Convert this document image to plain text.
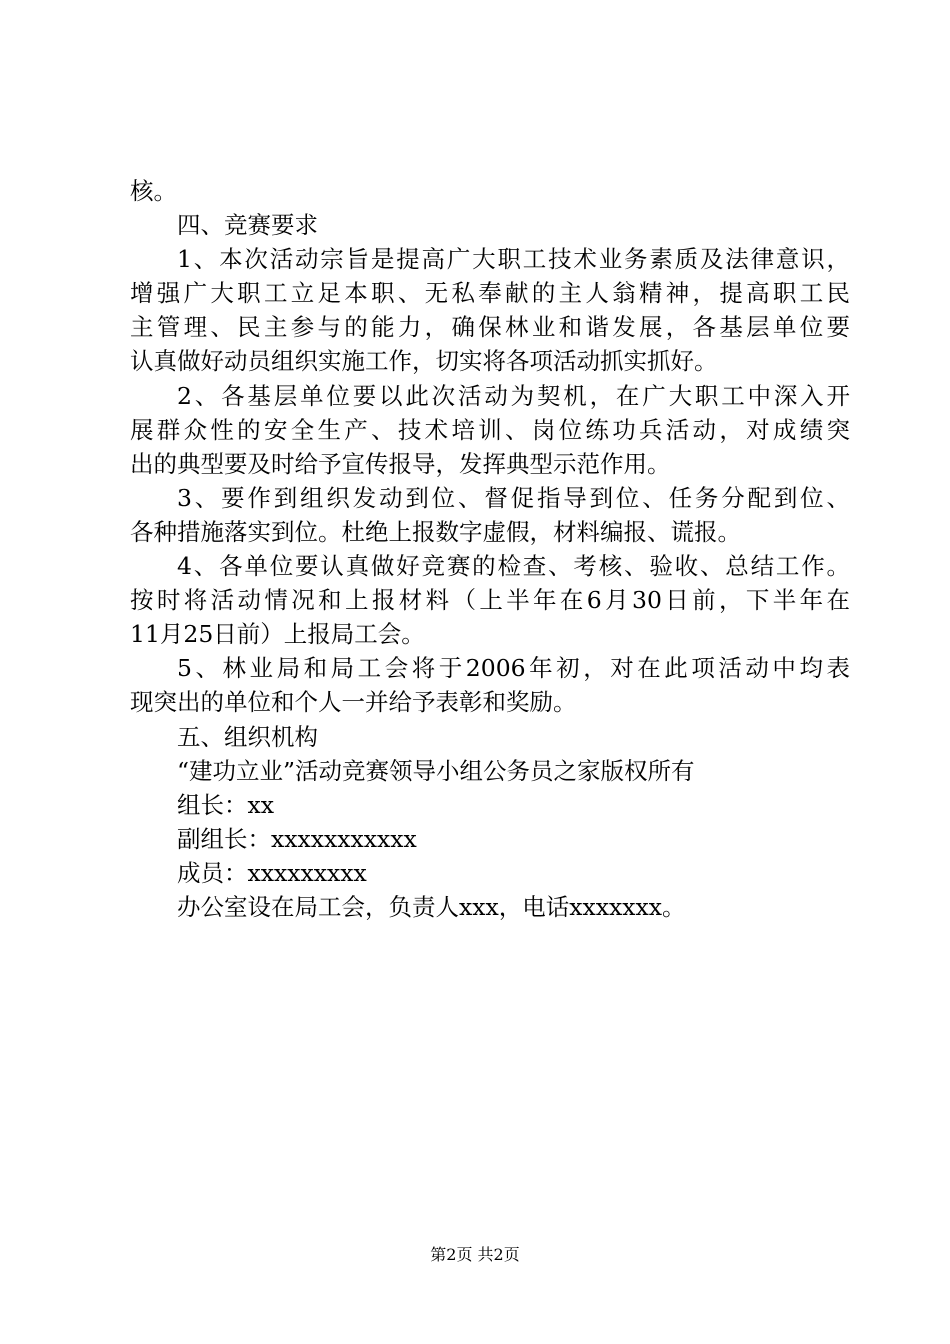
核。
四、竞赛要求
1、本次活动宗旨是提高广大职工技术业务素质及法律意识，
增强广大职工立足本职、无私奉献的主人翁精神，提高职工民
主管理、民主参与的能力，确保林业和谐发展，各基层单位要
认真做好动员组织实施工作，切实将各项活动抓实抓好。
2、各基层单位要以此次活动为契机，在广大职工中深入开
展群众性的安全生产、技术培训、岗位练功兵活动，对成绩突
出的典型要及时给予宣传报导，发挥典型示范作用。
3、要作到组织发动到位、督促指导到位、任务分配到位、
各种措施落实到位。杜绝上报数字虚假，材料编报、谎报。
4、各单位要认真做好竞赛的检查、考核、验收、总结工作。
按时将活动情况和上报材料（上半年在6月30日前，下半年在
11月25日前）上报局工会。
5、林业局和局工会将于2006年初，对在此项活动中均表
现突出的单位和个人一并给予表彰和奖励。
五、组织机构
“建功立业”活动竞赛领导小组公务员之家版权所有
组长：xx
副组长：xxxxxxxxxxx
成员：xxxxxxxxx
办公室设在局工会，负责人xxx，电话xxxxxxx。
第2页 共2页
